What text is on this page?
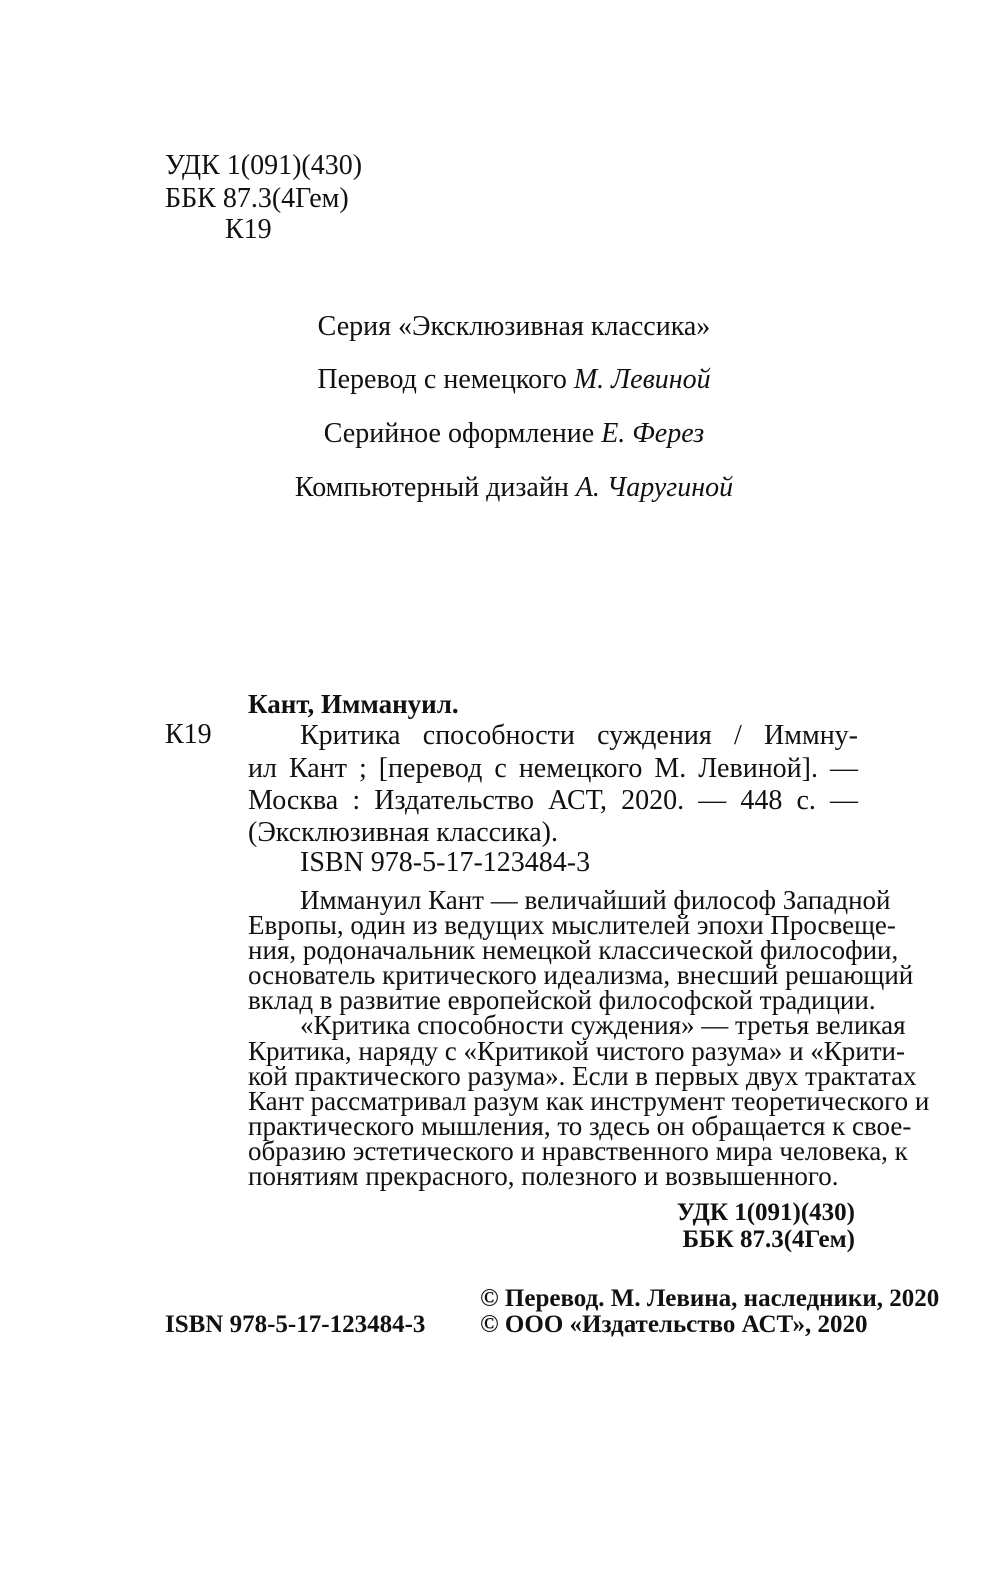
УДК 1(091)(430)
ББК 87.3(4Гем)
К19
Серия «Эксклюзивная классика»
Перевод с немецкого М. Левиной
Серийное оформление Е. Ферез
Компьютерный дизайн А. Чаругиной
Кант, Иммануил.
К19	Критика способности суждения / Иммну-
ил Кант ; [перевод с немецкого М. Левиной]. —
Москва : Издательство АСТ, 2020. — 448 с. —
(Эксклюзивная классика).
ISBN 978-5-17-123484-3
Иммануил Кант — величайший философ Западной
Европы, один из ведущих мыслителей эпохи Просвеще-
ния, родоначальник немецкой классической философии,
основатель критического идеализма, внесший решающий
вклад в развитие европейской философской традиции.
«Критика способности суждения» — третья великая
Критика, наряду с «Критикой чистого разума» и «Крити-
кой практического разума». Если в первых двух трактатах
Кант рассматривал разум как инструмент теоретического и
практического мышления, то здесь он обращается к свое-
образию эстетического и нравственного мира человека, к
понятиям прекрасного, полезного и возвышенного.
УДК 1(091)(430)
ББК 87.3(4Гем)
ISBN 978-5-17-123484-3
© Перевод. М. Левина, наследники, 2020
© ООО «Издательство АСТ», 2020
